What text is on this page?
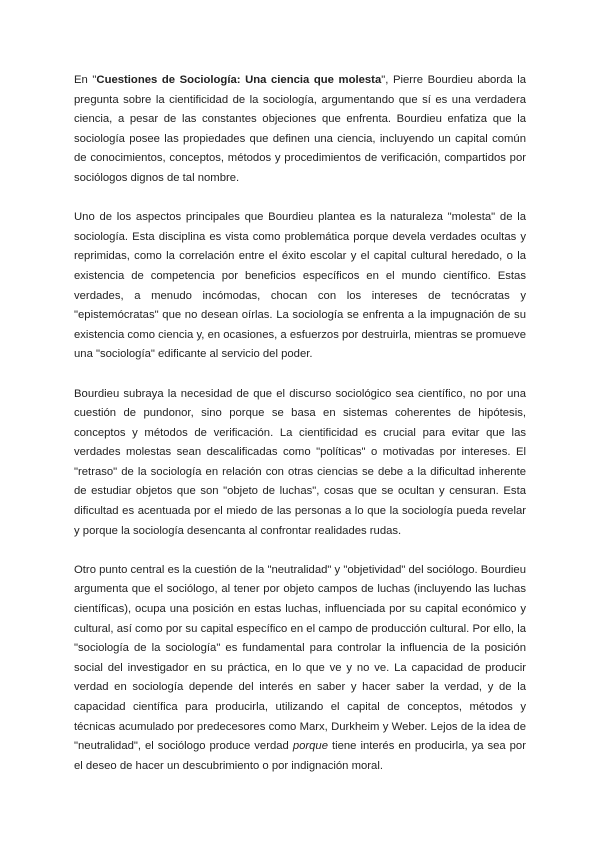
En "Cuestiones de Sociología: Una ciencia que molesta", Pierre Bourdieu aborda la pregunta sobre la cientificidad de la sociología, argumentando que sí es una verdadera ciencia, a pesar de las constantes objeciones que enfrenta. Bourdieu enfatiza que la sociología posee las propiedades que definen una ciencia, incluyendo un capital común de conocimientos, conceptos, métodos y procedimientos de verificación, compartidos por sociólogos dignos de tal nombre.

Uno de los aspectos principales que Bourdieu plantea es la naturaleza "molesta" de la sociología. Esta disciplina es vista como problemática porque devela verdades ocultas y reprimidas, como la correlación entre el éxito escolar y el capital cultural heredado, o la existencia de competencia por beneficios específicos en el mundo científico. Estas verdades, a menudo incómodas, chocan con los intereses de tecnócratas y "epistemócratas" que no desean oírlas. La sociología se enfrenta a la impugnación de su existencia como ciencia y, en ocasiones, a esfuerzos por destruirla, mientras se promueve una "sociología" edificante al servicio del poder.

Bourdieu subraya la necesidad de que el discurso sociológico sea científico, no por una cuestión de pundonor, sino porque se basa en sistemas coherentes de hipótesis, conceptos y métodos de verificación. La cientificidad es crucial para evitar que las verdades molestas sean descalificadas como "políticas" o motivadas por intereses. El "retraso" de la sociología en relación con otras ciencias se debe a la dificultad inherente de estudiar objetos que son "objeto de luchas", cosas que se ocultan y censuran. Esta dificultad es acentuada por el miedo de las personas a lo que la sociología pueda revelar y porque la sociología desencanta al confrontar realidades rudas.

Otro punto central es la cuestión de la "neutralidad" y "objetividad" del sociólogo. Bourdieu argumenta que el sociólogo, al tener por objeto campos de luchas (incluyendo las luchas científicas), ocupa una posición en estas luchas, influenciada por su capital económico y cultural, así como por su capital específico en el campo de producción cultural. Por ello, la "sociología de la sociología" es fundamental para controlar la influencia de la posición social del investigador en su práctica, en lo que ve y no ve. La capacidad de producir verdad en sociología depende del interés en saber y hacer saber la verdad, y de la capacidad científica para producirla, utilizando el capital de conceptos, métodos y técnicas acumulado por predecesores como Marx, Durkheim y Weber. Lejos de la idea de "neutralidad", el sociólogo produce verdad porque tiene interés en producirla, ya sea por el deseo de hacer un descubrimiento o por indignación moral.
